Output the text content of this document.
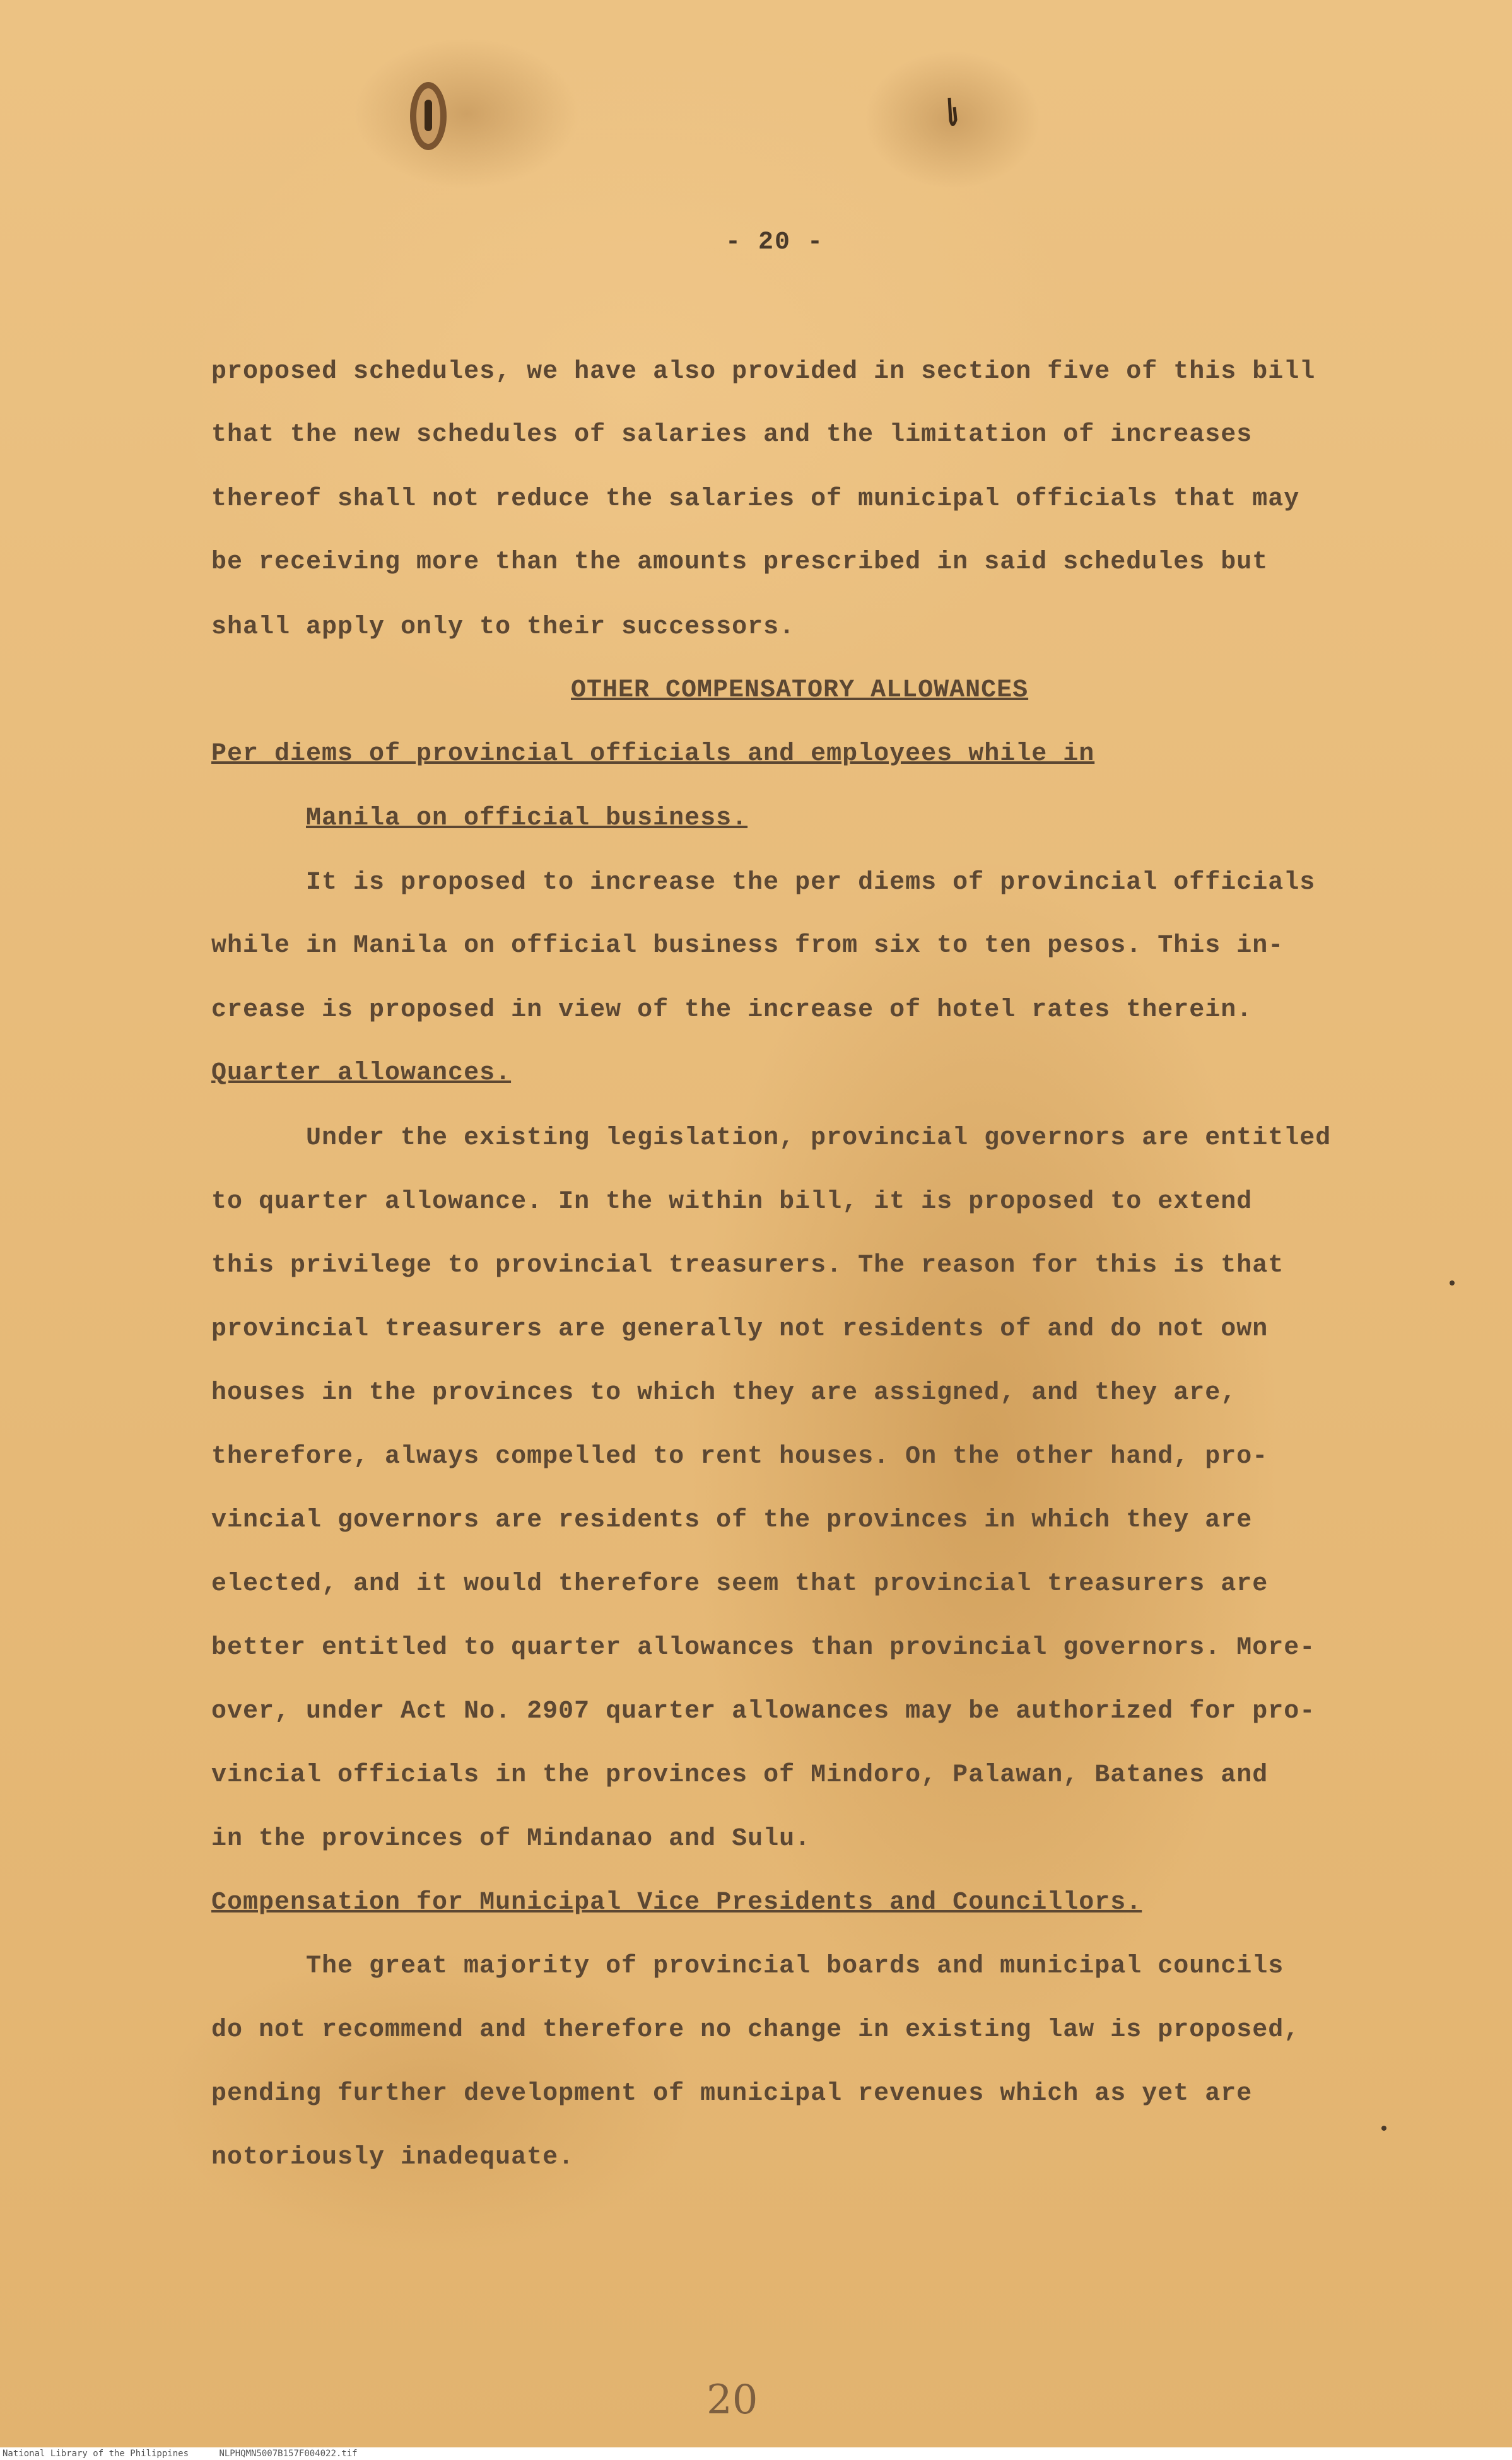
- 20 -
proposed schedules, we have also provided in section five of this bill
that the new schedules of salaries and the limitation of increases
thereof shall not reduce the salaries of municipal officials that may
be receiving more than the amounts prescribed in said schedules but
shall apply only to their successors.
OTHER COMPENSATORY ALLOWANCES
Per diems of provincial officials and employees while in
Manila on official business.
It is proposed to increase the per diems of provincial officials
while in Manila on official business from six to ten pesos. This in-
crease is proposed in view of the increase of hotel rates therein.
Quarter allowances.
Under the existing legislation, provincial governors are entitled
to quarter allowance. In the within bill, it is proposed to extend
this privilege to provincial treasurers. The reason for this is that
provincial treasurers are generally not residents of and do not own
houses in the provinces to which they are assigned, and they are,
therefore, always compelled to rent houses. On the other hand, pro-
vincial governors are residents of the provinces in which they are
elected, and it would therefore seem that provincial treasurers are
better entitled to quarter allowances than provincial governors. More-
over, under Act No. 2907 quarter allowances may be authorized for pro-
vincial officials in the provinces of Mindoro, Palawan, Batanes and
in the provinces of Mindanao and Sulu.
Compensation for Municipal Vice Presidents and Councillors.
The great majority of provincial boards and municipal councils
do not recommend and therefore no change in existing law is proposed,
pending further development of municipal revenues which as yet are
notoriously inadequate.
20
National Library of the Philippines	NLPHQMN5007B157F004022.tif
